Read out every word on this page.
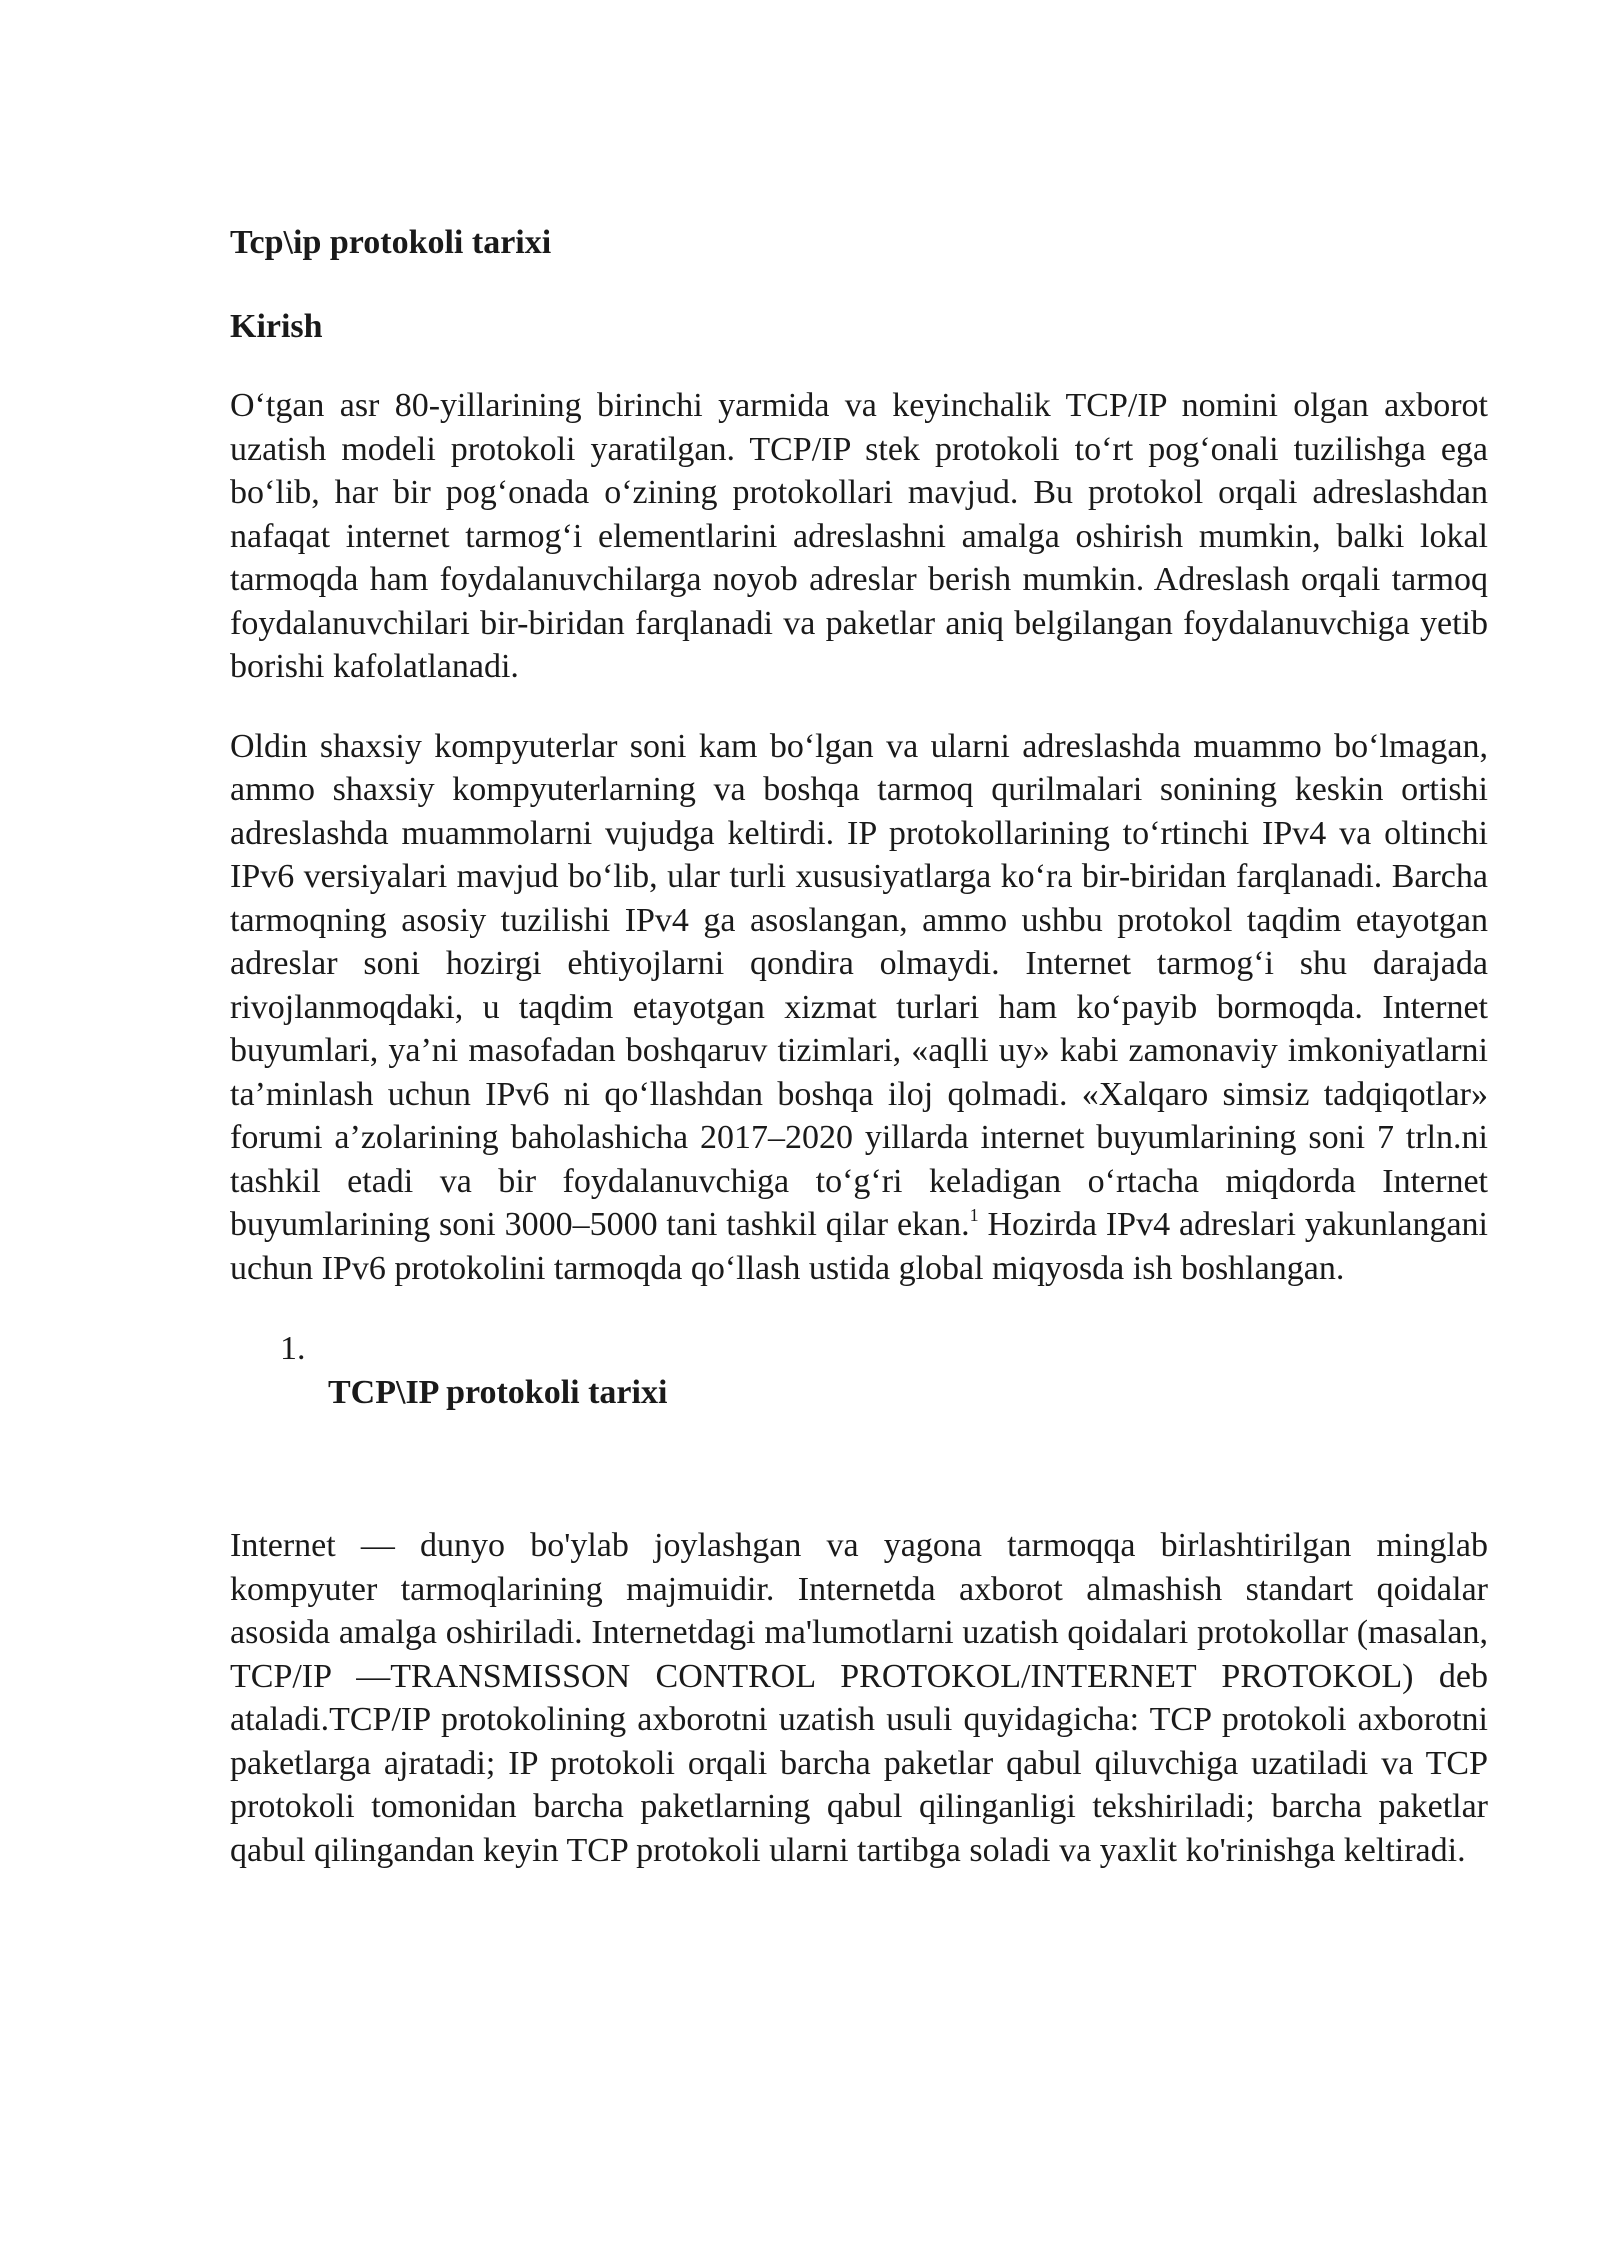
Tcp\ip protokoli tarixi
Kirish

O‘tgan asr 80-yillarining birinchi yarmida va keyinchalik TCP/IP nomini olgan axborot uzatish modeli protokoli yaratilgan. TCP/IP stek protokoli to‘rt pog‘onali tuzilishga ega bo‘lib, har bir pog‘onada o‘zining protokollari mavjud. Bu protokol orqali adreslashdan nafaqat internet tarmog‘i elementlarini adreslashni amalga oshirish mumkin, balki lokal tarmoqda ham foydalanuvchilarga noyob adreslar berish mumkin. Adreslash orqali tarmoq foydalanuvchilari bir-biridan farqlanadi va paketlar aniq belgilangan foydalanuvchiga yetib borishi kafolatlanadi.

Oldin shaxsiy kompyuterlar soni kam bo‘lgan va ularni adreslashda muammo bo‘lmagan, ammo shaxsiy kompyuterlarning va boshqa tarmoq qurilmalari sonining keskin ortishi adreslashda muammolarni vujudga keltirdi. IP protokollarining to‘rtinchi IPv4 va oltinchi IPv6 versiyalari mavjud bo‘lib, ular turli xususiyatlarga ko‘ra bir-biridan farqlanadi. Barcha tarmoqning asosiy tuzilishi IPv4 ga asoslangan, ammo ushbu protokol taqdim etayotgan adreslar soni hozirgi ehtiyojlarni qondira olmaydi. Internet tarmog‘i shu darajada rivojlanmoqdaki, u taqdim etayotgan xizmat turlari ham ko‘payib bormoqda. Internet buyumlari, ya’ni masofadan boshqaruv tizimlari, «aqlli uy» kabi zamonaviy imkoniyatlarni ta’minlash uchun IPv6 ni qo‘llashdan boshqa iloj qolmadi. «Xalqaro simsiz tadqiqotlar» forumi a’zolarining baholashicha 2017–2020 yillarda internet buyumlarining soni 7 trln.ni tashkil etadi va bir foydalanuvchiga to‘g‘ri keladigan o‘rtacha miqdorda Internet buyumlarining soni 3000–5000 tani tashkil qilar ekan.$^1$ Hozirda IPv4 adreslari yakunlangani uchun IPv6 protokolini tarmoqda qo‘llash ustida global miqyosda ish boshlangan.

1.
TCP\IP protokoli tarixi

Internet — dunyo bo'ylab joylashgan va yagona tarmoqqa birlashtirilgan minglab kompyuter tarmoqlarining majmuidir. Internetda axborot almashish standart qoidalar asosida amalga oshiriladi. Internetdagi ma'lumotlarni uzatish qoidalari protokollar (masalan, TCP/IP —TRANSMISSON CONTROL PROTOKOL/INTERNET PROTOKOL) deb ataladi.TCP/IP protokolining axborotni uzatish usuli quyidagicha: TCP protokoli axborotni paketlarga ajratadi; IP protokoli orqali barcha paketlar qabul qiluvchiga uzatiladi va TCP protokoli tomonidan barcha paketlarning qabul qilinganligi tekshiriladi; barcha paketlar qabul qilingandan keyin TCP protokoli ularni tartibga soladi va yaxlit ko'rinishga keltiradi.
